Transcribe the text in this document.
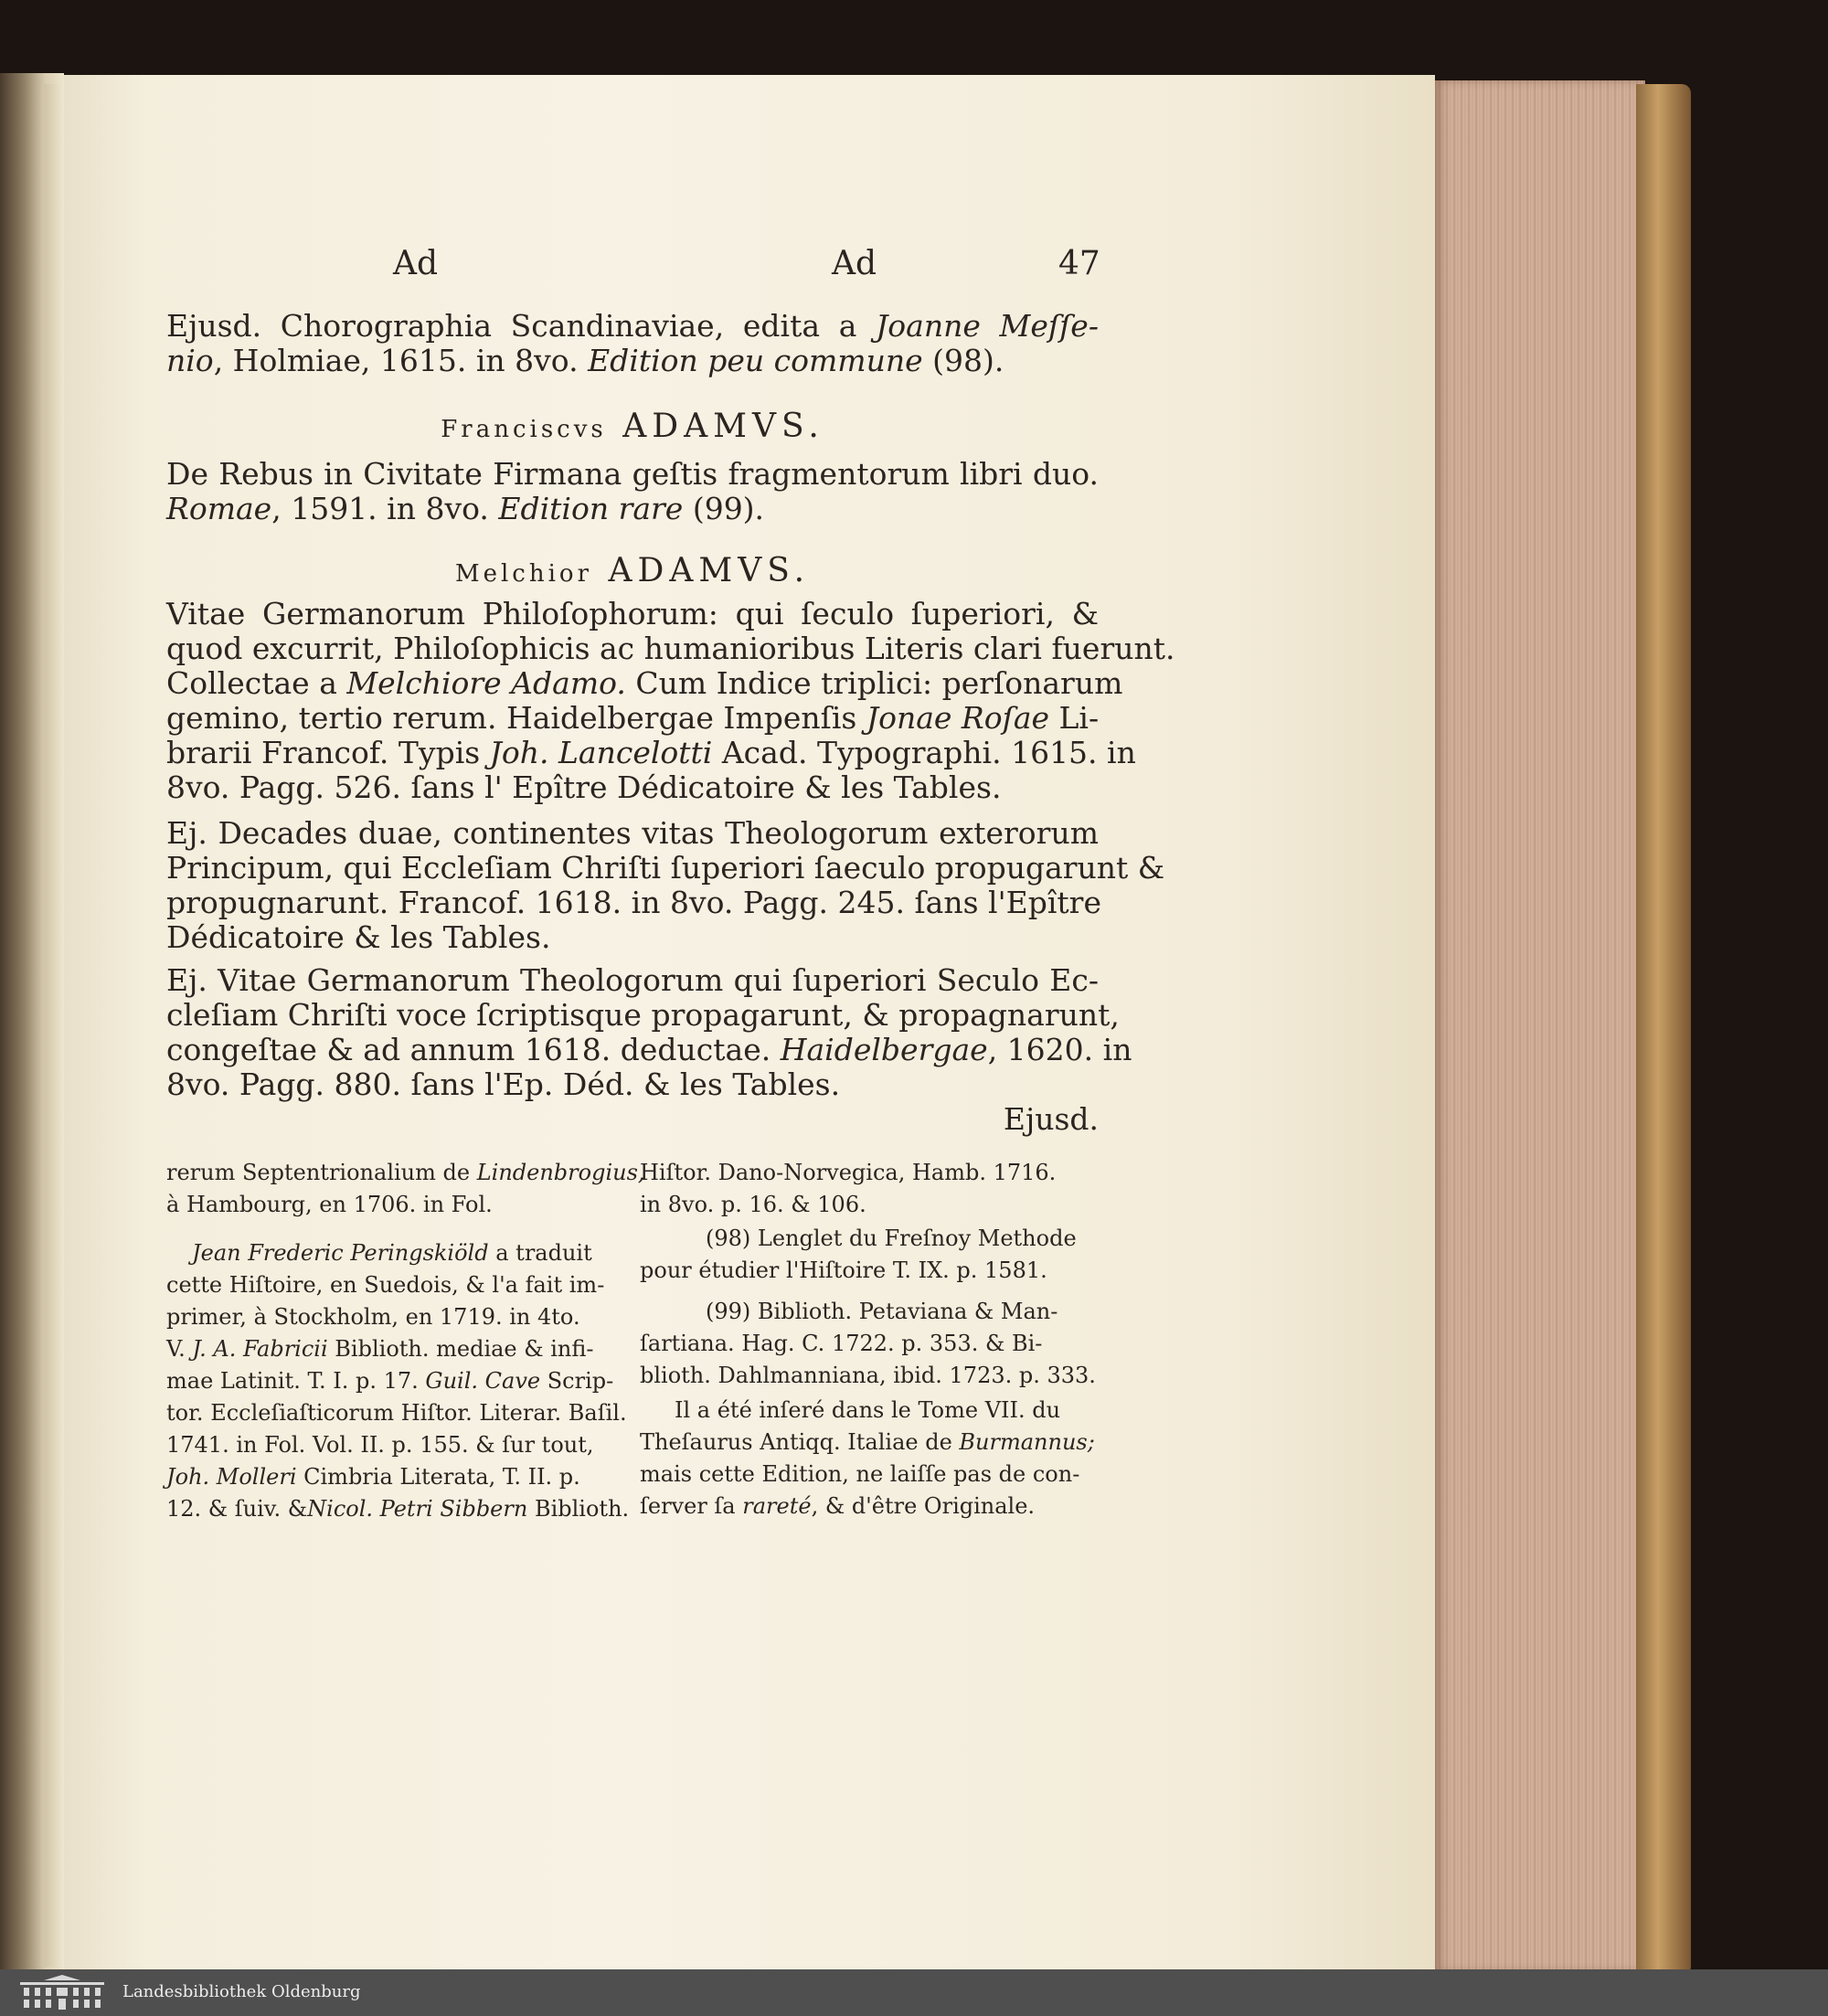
Ad	Ad	47
Ejusd. Chorographia Scandinaviae, edita a Joanne Meſſe-
nio, Holmiae, 1615. in 8vo. Edition peu commune (98).
Franciscvs ADAMVS.
De Rebus in Civitate Firmana geſtis fragmentorum libri duo.
Romae, 1591. in 8vo. Edition rare (99).
Melchior ADAMVS.
Vitae Germanorum Philoſophorum: qui ſeculo ſuperiori, &
quod excurrit, Philoſophicis ac humanioribus Literis clari fuerunt.
Collectae a Melchiore Adamo. Cum Indice triplici: perſonarum
gemino, tertio rerum. Haidelbergae Impenſis Jonae Roſae Li-
brarii Francof. Typis Joh. Lancelotti Acad. Typographi. 1615. in
8vo. Pagg. 526. ſans l' Epître Dédicatoire & les Tables.
Ej. Decades duae, continentes vitas Theologorum exterorum
Principum, qui Eccleſiam Chriſti ſuperiori ſaeculo propugarunt &
propugnarunt. Francof. 1618. in 8vo. Pagg. 245. ſans l'Epître
Dédicatoire & les Tables.
Ej. Vitae Germanorum Theologorum qui ſuperiori Seculo Ec-
cleſiam Chriſti voce ſcriptisque propagarunt, & propagnarunt,
congeſtae & ad annum 1618. deductae. Haidelbergae, 1620. in
8vo. Pagg. 880. ſans l'Ep. Déd. & les Tables.
Ejusd.
rerum Septentrionalium de Lindenbrogius,
à Hambourg, en 1706. in Fol.
Jean Frederic Peringskiöld a traduit
cette Hiſtoire, en Suedois, & l'a fait im-
primer, à Stockholm, en 1719. in 4to.
V. J. A. Fabricii Biblioth. mediae & infi-
mae Latinit. T. I. p. 17. Guil. Cave Scrip-
tor. Eccleſiaſticorum Hiſtor. Literar. Baſil.
1741. in Fol. Vol. II. p. 155. & ſur tout,
Joh. Molleri Cimbria Literata, T. II. p.
12. & ſuiv. &Nicol. Petri Sibbern Biblioth.
Hiſtor. Dano-Norvegica, Hamb. 1716.
in 8vo. p. 16. & 106.
(98) Lenglet du Freſnoy Methode
pour étudier l'Hiſtoire T. IX. p. 1581.
(99) Biblioth. Petaviana & Man-
ſartiana. Hag. C. 1722. p. 353. & Bi-
blioth. Dahlmanniana, ibid. 1723. p. 333.
Il a été inſeré dans le Tome VII. du
Theſaurus Antiqq. Italiae de Burmannus;
mais cette Edition, ne laiſſe pas de con-
ſerver ſa rareté, & d'être Originale.
Landesbibliothek Oldenburg
